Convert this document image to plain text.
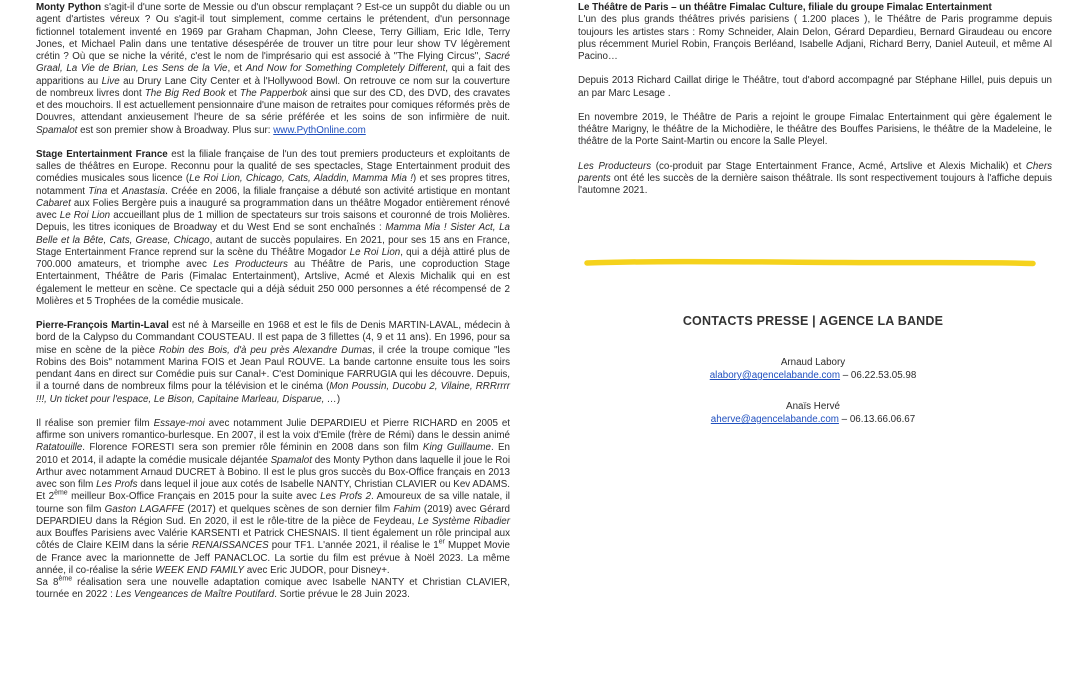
Monty Python s'agit-il d'une sorte de Messie ou d'un obscur remplaçant ? Est-ce un suppôt du diable ou un agent d'artistes véreux ? Ou s'agit-il tout simplement, comme certains le prétendent, d'un personnage fictionnel totalement inventé en 1969 par Graham Chapman, John Cleese, Terry Gilliam, Eric Idle, Terry Jones, et Michael Palin dans une tentative désespérée de trouver un titre pour leur show TV légèrement crétin ? Où que se niche la vérité, c'est le nom de l'imprésario qui est associé à "The Flying Circus", Sacré Graal, La Vie de Brian, Les Sens de la Vie, et And Now for Something Completely Different, qui a fait des apparitions au Live au Drury Lane City Center et à l'Hollywood Bowl. On retrouve ce nom sur la couverture de nombreux livres dont The Big Red Book et The Papperbok ainsi que sur des CD, des DVD, des cravates et des mouchoirs. Il est actuellement pensionnaire d'une maison de retraites pour comiques réformés près de Douvres, attendant anxieusement l'heure de sa série préférée et les soins de son infirmière de nuit. Spamalot est son premier show à Broadway. Plus sur: www.PythOnline.com

Stage Entertainment France est la filiale française de l'un des tout premiers producteurs et exploitants de salles de théâtres en Europe. Reconnu pour la qualité de ses spectacles, Stage Entertainment produit des comédies musicales sous licence (Le Roi Lion, Chicago, Cats, Aladdin, Mamma Mia !) et ses propres titres, notamment Tina et Anastasia. Créée en 2006, la filiale française a débuté son activité artistique en montant Cabaret aux Folies Bergère puis a inauguré sa programmation dans un théâtre Mogador entièrement rénové avec Le Roi Lion accueillant plus de 1 million de spectateurs sur trois saisons et couronné de trois Molières. Depuis, les titres iconiques de Broadway et du West End se sont enchaînés : Mamma Mia ! Sister Act, La Belle et la Bête, Cats, Grease, Chicago, autant de succès populaires. En 2021, pour ses 15 ans en France, Stage Entertainment France reprend sur la scène du Théâtre Mogador Le Roi Lion, qui a déjà attiré plus de 700.000 amateurs, et triomphe avec Les Producteurs au Théâtre de Paris, une coproduction Stage Entertainment, Théâtre de Paris (Fimalac Entertainment), Artslive, Acmé et Alexis Michalik qui en est également le metteur en scène. Ce spectacle qui a déjà séduit 250 000 personnes a été récompensé de 2 Molières et 5 Trophées de la comédie musicale.

Pierre-François Martin-Laval est né à Marseille en 1968 et est le fils de Denis MARTIN-LAVAL, médecin à bord de la Calypso du Commandant COUSTEAU. Il est papa de 3 fillettes (4, 9 et 11 ans). En 1996, pour sa mise en scène de la pièce Robin des Bois, d'à peu près Alexandre Dumas, il crée la troupe comique "les Robins des Bois" notamment Marina FOIS et Jean Paul ROUVE. La bande cartonne ensuite tous les soirs pendant 4ans en direct sur Comédie puis sur Canal+. C'est Dominique FARRUGIA qui les découvre. Depuis, il a tourné dans de nombreux films pour la télévision et le cinéma (Mon Poussin, Ducobu 2, Vilaine, RRRrrrr !!!, Un ticket pour l'espace, Le Bison, Capitaine Marleau, Disparue, …)

Il réalise son premier film Essaye-moi avec notamment Julie DEPARDIEU et Pierre RICHARD en 2005 et affirme son univers romantico-burlesque. En 2007, il est la voix d'Emile (frère de Rémi) dans le dessin animé Ratatouille. Florence FORESTI sera son premier rôle féminin en 2008 dans son film King Guillaume. En 2010 et 2014, il adapte la comédie musicale déjantée Spamalot des Monty Python dans laquelle il joue le Roi Arthur avec notamment Arnaud DUCRET à Bobino. Il est le plus gros succès du Box-Office français en 2013 avec son film Les Profs dans lequel il joue aux cotés de Isabelle NANTY, Christian CLAVIER ou Kev ADAMS. Et 2ème meilleur Box-Office Français en 2015 pour la suite avec Les Profs 2. Amoureux de sa ville natale, il tourne son film Gaston LAGAFFE (2017) et quelques scènes de son dernier film Fahim (2019) avec Gérard DEPARDIEU dans la Région Sud. En 2020, il est le rôle-titre de la pièce de Feydeau, Le Système Ribadier aux Bouffes Parisiens avec Valérie KARSENTI et Patrick CHESNAIS. Il tient également un rôle principal aux côtés de Claire KEIM dans la série RENAISSANCES pour TF1. L'année 2021, il réalise le 1er Muppet Movie de France avec la marionnette de Jeff PANACLOC. La sortie du film est prévue à Noël 2023. La même année, il co-réalise la série WEEK END FAMILY avec Eric JUDOR, pour Disney+.
Sa 8ème réalisation sera une nouvelle adaptation comique avec Isabelle NANTY et Christian CLAVIER, tournée en 2022 : Les Vengeances de Maître Poutifard. Sortie prévue le 28 Juin 2023.

Le Théâtre de Paris – un théâtre Fimalac Culture, filiale du groupe Fimalac Entertainment
L'un des plus grands théâtres privés parisiens ( 1.200 places ), le Théâtre de Paris programme depuis toujours les artistes stars : Romy Schneider, Alain Delon, Gérard Depardieu, Bernard Giraudeau ou encore plus récemment Muriel Robin, François Berléand, Isabelle Adjani, Richard Berry, Daniel Auteuil, et même Al Pacino…

Depuis 2013 Richard Caillat dirige le Théâtre, tout d'abord accompagné par Stéphane Hillel, puis depuis un an par Marc Lesage .

En novembre 2019, le Théâtre de Paris a rejoint le groupe Fimalac Entertainment qui gère également le théâtre Marigny, le théâtre de la Michodière, le théâtre des Bouffes Parisiens, le théâtre de la Madeleine, le théâtre de la Porte Saint-Martin ou encore la Salle Pleyel.

Les Producteurs (co-produit par Stage Entertainment France, Acmé, Artslive et Alexis Michalik) et Chers parents ont été les succès de la dernière saison théâtrale. Ils sont respectivement toujours à l'affiche depuis l'automne 2021.

CONTACTS PRESSE | AGENCE LA BANDE
Arnaud Labory
alabory@agencelabande.com – 06.22.53.05.98
Anaïs Hervé
aherve@agencelabande.com – 06.13.66.06.67
